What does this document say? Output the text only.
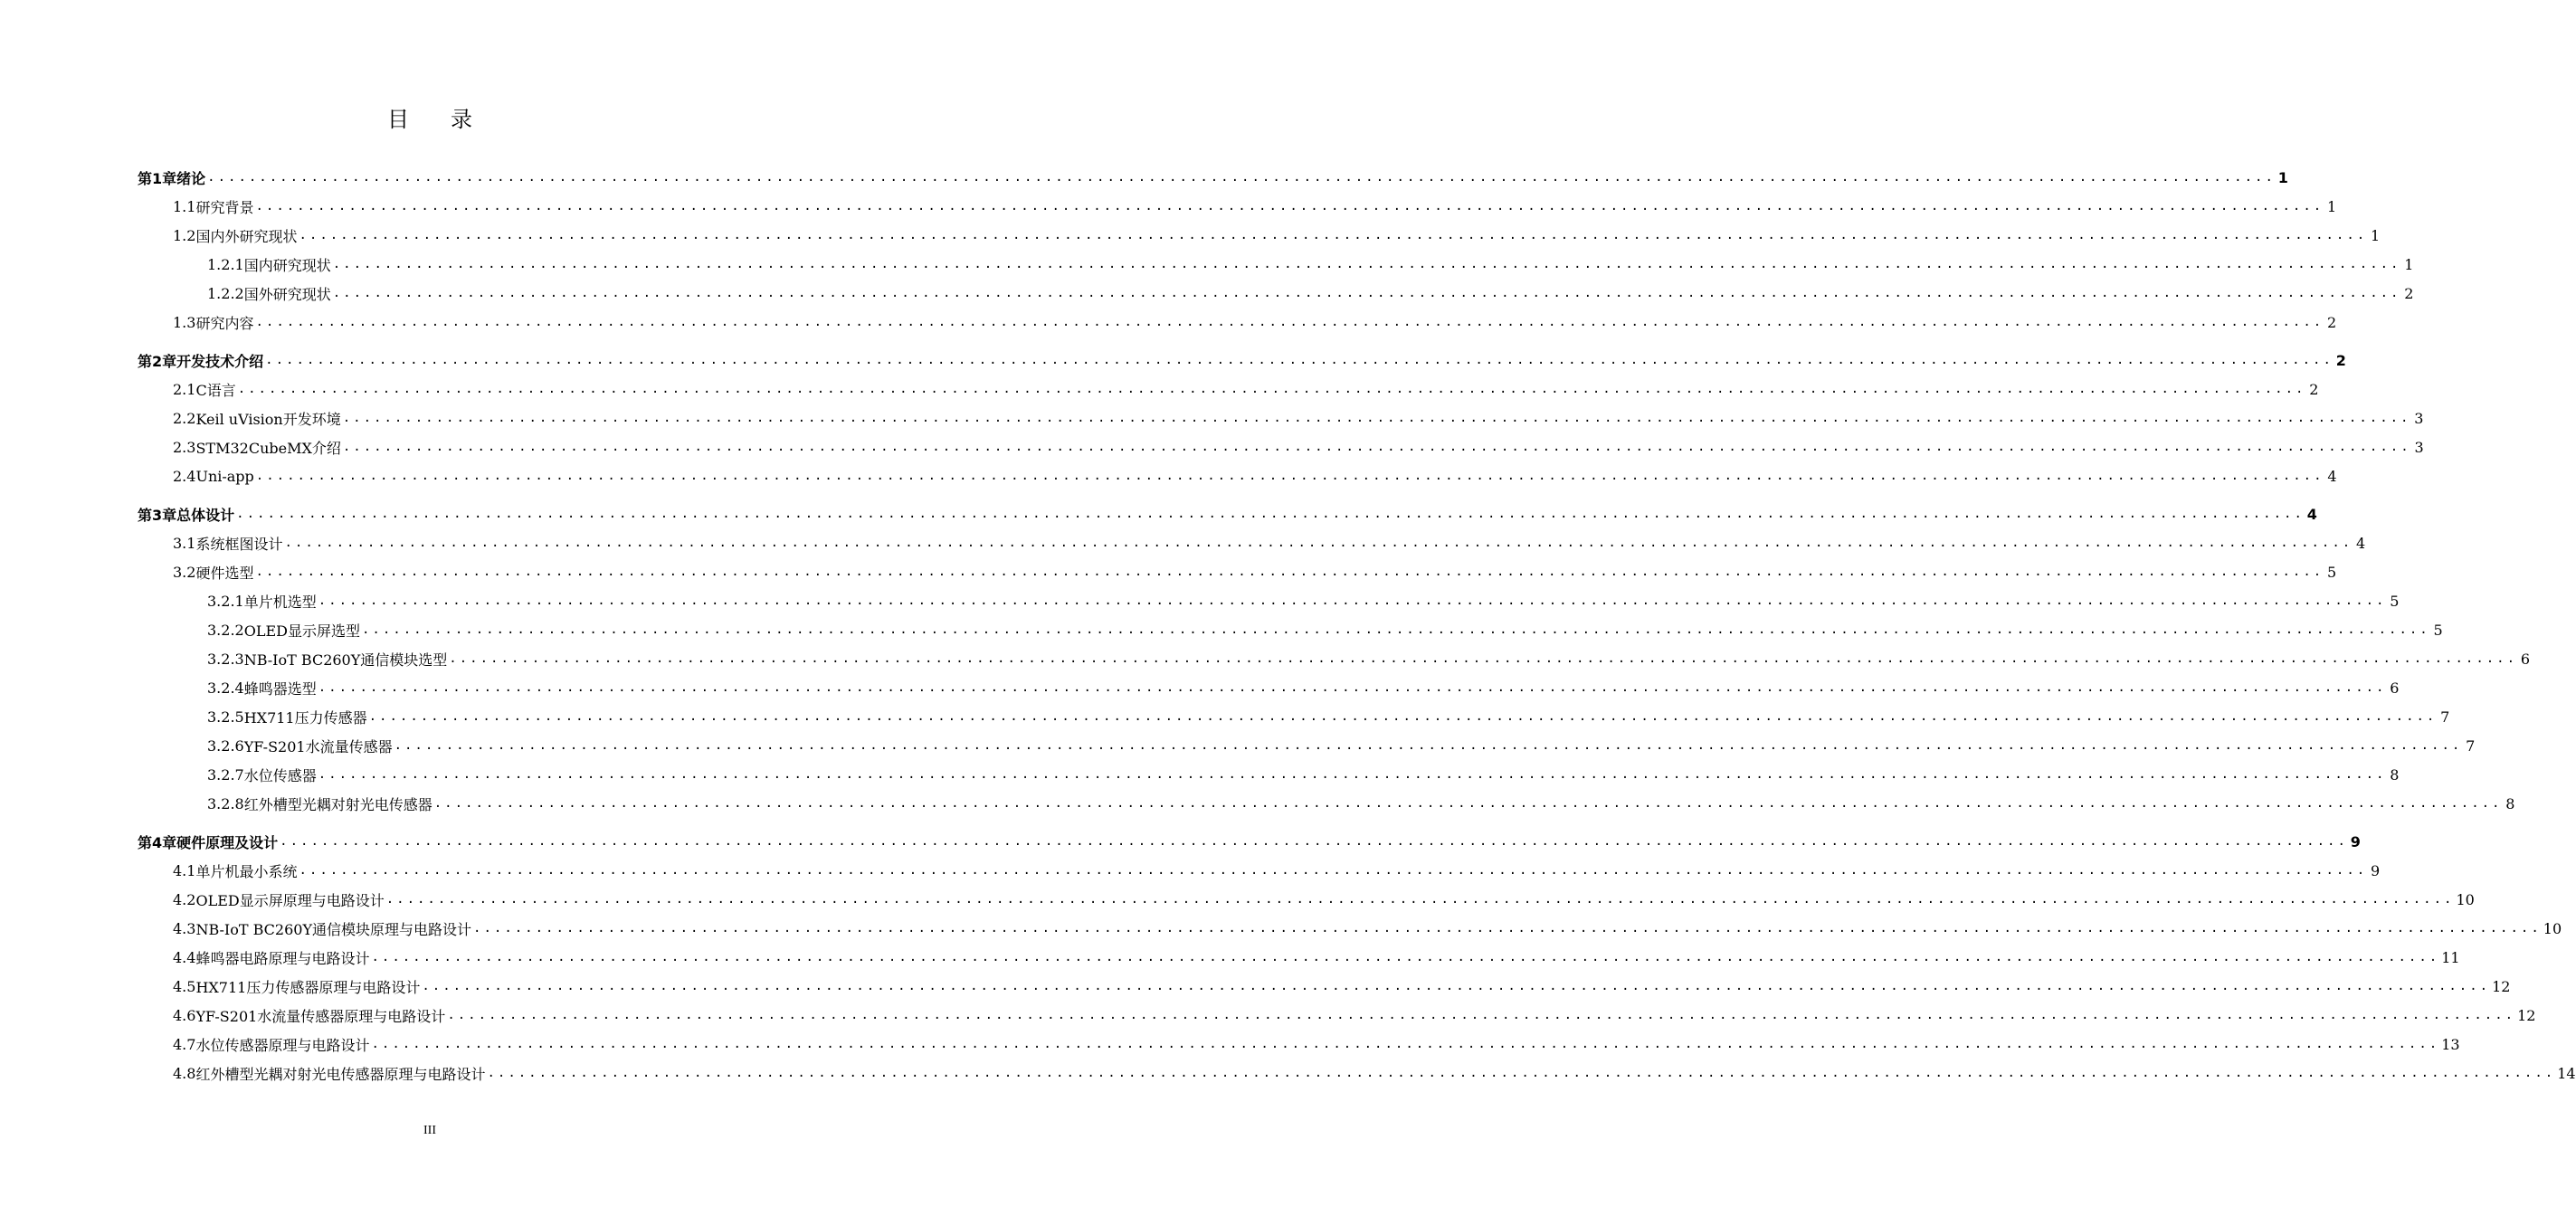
目录
第1章 绪论 ........................................................................................................................................................................................................ 1
1.1 研究背景 ........................................................................................................................................................................................................ 1
1.2 国内外研究现状 ........................................................................................................................................................................................................ 1
1.2.1 国内研究现状 ........................................................................................................................................................................................................ 1
1.2.2 国外研究现状 ........................................................................................................................................................................................................ 2
1.3 研究内容 ........................................................................................................................................................................................................ 2
第2章 开发技术介绍 ........................................................................................................................................................................................................ 2
2.1 C语言 ........................................................................................................................................................................................................ 2
2.2 Keil uVision开发环境 ........................................................................................................................................................................................................ 3
2.3 STM32CubeMX介绍 ........................................................................................................................................................................................................ 3
2.4 Uni-app ........................................................................................................................................................................................................ 4
第3章 总体设计 ........................................................................................................................................................................................................ 4
3.1 系统框图设计 ........................................................................................................................................................................................................ 4
3.2 硬件选型 ........................................................................................................................................................................................................ 5
3.2.1 单片机选型 ........................................................................................................................................................................................................ 5
3.2.2 OLED显示屏选型 ........................................................................................................................................................................................................ 5
3.2.3 NB-IoT BC260Y通信模块选型 ........................................................................................................................................................................................................ 6
3.2.4 蜂鸣器选型 ........................................................................................................................................................................................................ 6
3.2.5 HX711压力传感器 ........................................................................................................................................................................................................ 7
3.2.6 YF-S201水流量传感器 ........................................................................................................................................................................................................ 7
3.2.7 水位传感器 ........................................................................................................................................................................................................ 8
3.2.8 红外槽型光耦对射光电传感器 ........................................................................................................................................................................................................ 8
第4章 硬件原理及设计 ........................................................................................................................................................................................................ 9
4.1 单片机最小系统 ........................................................................................................................................................................................................ 9
4.2 OLED显示屏原理与电路设计 ........................................................................................................................................................................................................ 10
4.3 NB-IoT BC260Y通信模块原理与电路设计 ........................................................................................................................................................................................................ 10
4.4 蜂鸣器电路原理与电路设计 ........................................................................................................................................................................................................ 11
4.5 HX711压力传感器原理与电路设计 ........................................................................................................................................................................................................ 12
4.6 YF-S201水流量传感器原理与电路设计 ........................................................................................................................................................................................................ 12
4.7 水位传感器原理与电路设计 ........................................................................................................................................................................................................ 13
4.8 红外槽型光耦对射光电传感器原理与电路设计 ........................................................................................................................................................................................................ 14
III
